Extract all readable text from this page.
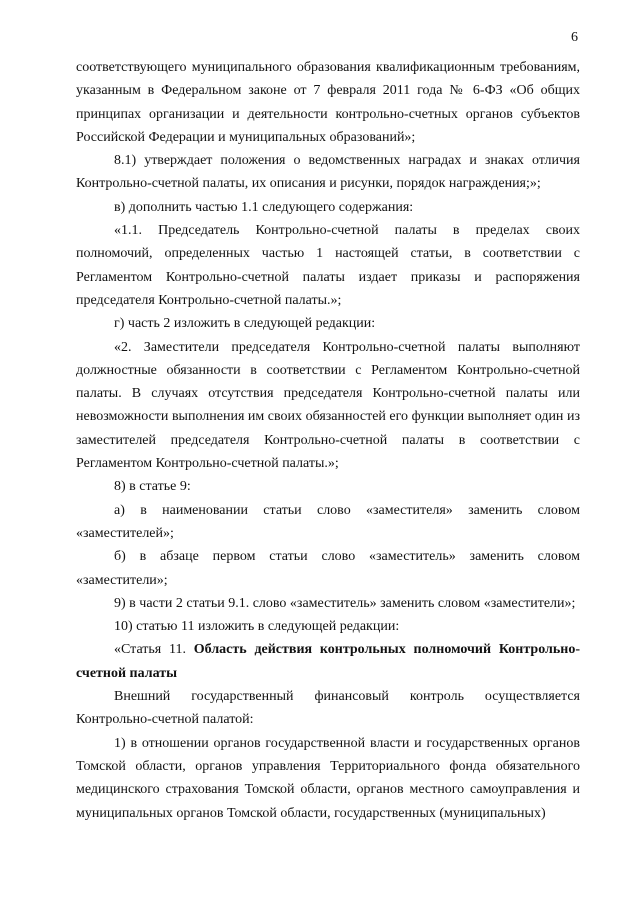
6

соответствующего муниципального образования квалификационным требованиям, указанным в Федеральном законе от 7 февраля 2011 года № 6-ФЗ «Об общих принципах организации и деятельности контрольно-счетных органов субъектов Российской Федерации и муниципальных образований»;

8.1) утверждает положения о ведомственных наградах и знаках отличия Контрольно-счетной палаты, их описания и рисунки, порядок награждения;»;

в) дополнить частью 1.1 следующего содержания:

«1.1. Председатель Контрольно-счетной палаты в пределах своих полномочий, определенных частью 1 настоящей статьи, в соответствии с Регламентом Контрольно-счетной палаты издает приказы и распоряжения председателя Контрольно-счетной палаты.»;

г) часть 2 изложить в следующей редакции:

«2. Заместители председателя Контрольно-счетной палаты выполняют должностные обязанности в соответствии с Регламентом Контрольно-счетной палаты. В случаях отсутствия председателя Контрольно-счетной палаты или невозможности выполнения им своих обязанностей его функции выполняет один из заместителей председателя Контрольно-счетной палаты в соответствии с Регламентом Контрольно-счетной палаты.»;

8) в статье 9:

а) в наименовании статьи слово «заместителя» заменить словом «заместителей»;

б) в абзаце первом статьи слово «заместитель» заменить словом «заместители»;

9) в части 2 статьи 9.1. слово «заместитель» заменить словом «заместители»;

10) статью 11 изложить в следующей редакции:

«Статья 11. Область действия контрольных полномочий Контрольно-счетной палаты

Внешний государственный финансовый контроль осуществляется Контрольно-счетной палатой:

1) в отношении органов государственной власти и государственных органов Томской области, органов управления Территориального фонда обязательного медицинского страхования Томской области, органов местного самоуправления и муниципальных органов Томской области, государственных (муниципальных)
